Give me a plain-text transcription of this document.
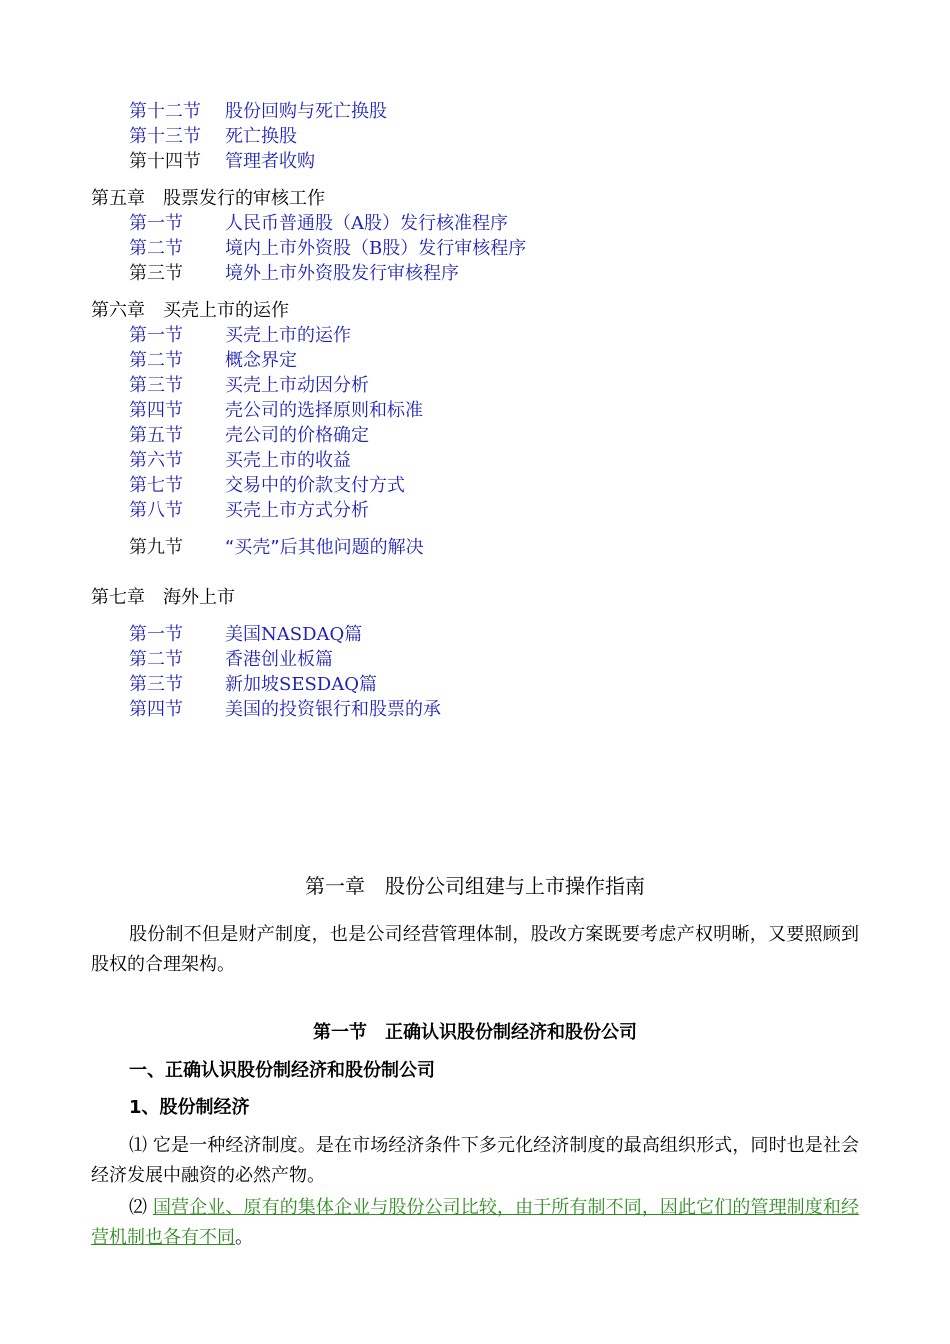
第十二节 股份回购与死亡换股
第十三节 死亡换股
第十四节 管理者收购
第五章　股票发行的审核工作
第一节 人民币普通股（A股）发行核准程序
第二节 境内上市外资股（B股）发行审核程序
第三节 境外上市外资股发行审核程序
第六章　买壳上市的运作
第一节 买壳上市的运作
第二节 概念界定
第三节 买壳上市动因分析
第四节 壳公司的选择原则和标准
第五节 壳公司的价格确定
第六节 买壳上市的收益
第七节 交易中的价款支付方式
第八节 买壳上市方式分析
第九节 “买壳”后其他问题的解决
第七章　海外上市
第一节 美国NASDAQ篇
第二节 香港创业板篇
第三节 新加坡SESDAQ篇
第四节 美国的投资银行和股票的承
第一章　股份公司组建与上市操作指南
股份制不但是财产制度，也是公司经营管理体制，股改方案既要考虑产权明晰，又要照顾到股权的合理架构。
第一节　正确认识股份制经济和股份公司
一、正确认识股份制经济和股份制公司
1、股份制经济
⑴ 它是一种经济制度。是在市场经济条件下多元化经济制度的最高组织形式，同时也是社会经济发展中融资的必然产物。
⑵ 国营企业、原有的集体企业与股份公司比较，由于所有制不同，因此它们的管理制度和经营机制也各有不同。
